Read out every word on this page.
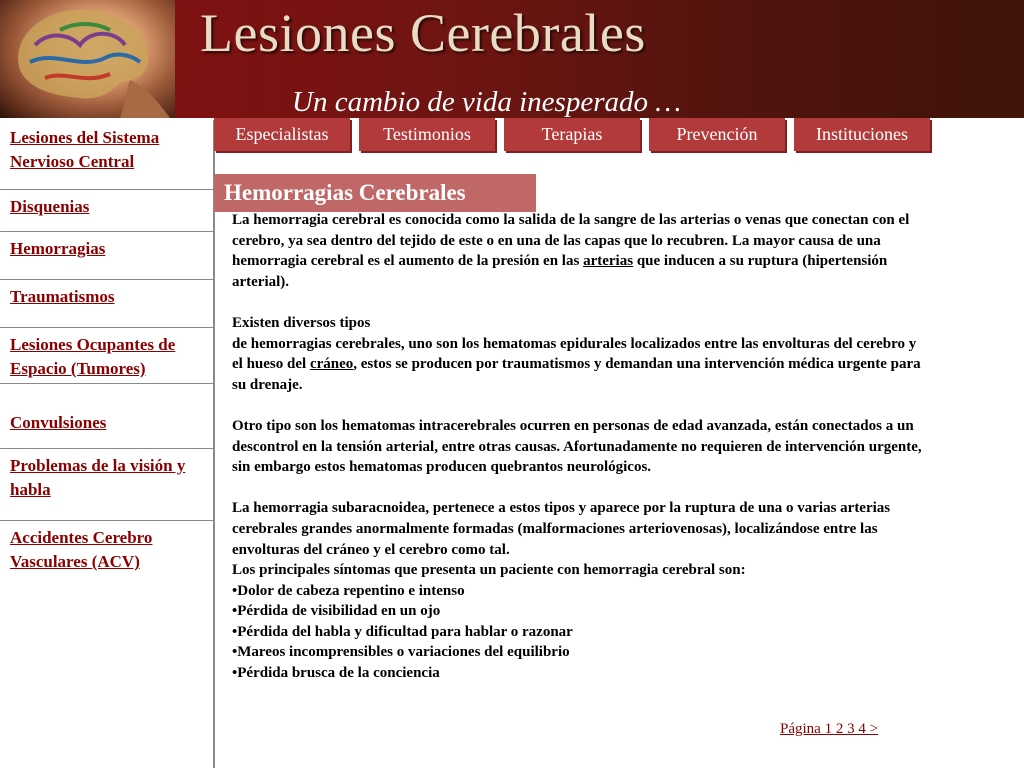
Lesiones Cerebrales
Un cambio de vida inesperado …
Lesiones del Sistema Nervioso Central
Disquenias
Hemorragias
Traumatismos
Lesiones Ocupantes de Espacio (Tumores)
Convulsiones
Problemas de la visión y habla
Accidentes Cerebro Vasculares (ACV)
Especialistas	Testimonios	Terapias	Prevención	Instituciones
Hemorragias Cerebrales

La hemorragia cerebral es conocida como la salida de la sangre de las arterias o venas que conectan con el cerebro, ya sea dentro del tejido de este o en una de las capas que lo recubren. La mayor causa de una hemorragia cerebral es el aumento de la presión en las arterias que inducen a su ruptura (hipertensión arterial).

Existen diversos tipos

de hemorragias cerebrales, uno son los hematomas epidurales localizados entre las envolturas del cerebro y el hueso del cráneo, estos se producen por traumatismos y demandan una intervención médica urgente para su drenaje.

Otro tipo son los hematomas intracerebrales ocurren en personas de edad avanzada, están conectados a un descontrol en la tensión arterial, entre otras causas. Afortunadamente no requieren de intervención urgente, sin embargo estos hematomas producen quebrantos neurológicos.

La hemorragia subaracnoidea, pertenece a estos tipos y aparece por la ruptura de una o varias arterias cerebrales grandes anormalmente formadas (malformaciones arteriovenosas), localizándose entre las envolturas del cráneo y el cerebro como tal.

Los principales síntomas que presenta un paciente con hemorragia cerebral son:

•Dolor de cabeza repentino e intenso

•Pérdida de visibilidad en un ojo

•Pérdida del habla y dificultad para hablar o razonar

•Mareos incomprensibles o variaciones del equilibrio

•Pérdida brusca de la conciencia

Página 1 2 3 4 >
